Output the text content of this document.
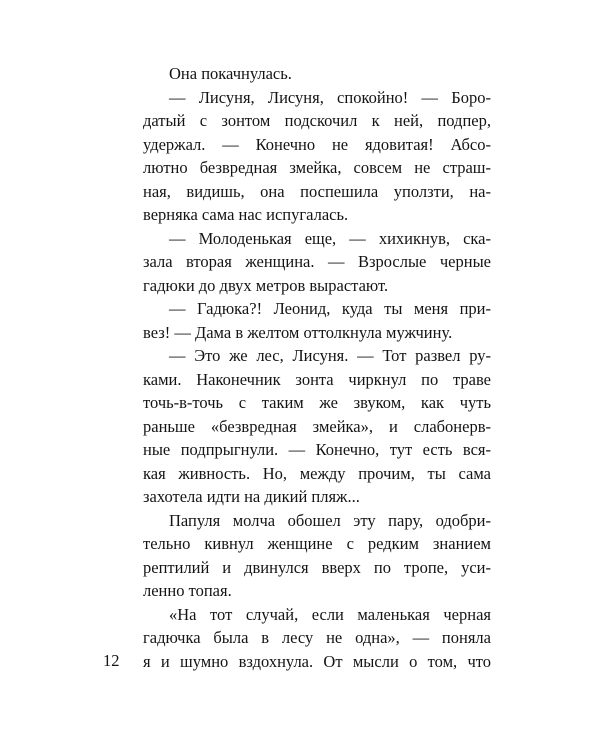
Она покачнулась.
— Лисуня, Лисуня, спокойно! — Боро-
датый с зонтом подскочил к ней, подпер,
удержал. — Конечно не ядовитая! Абсо-
лютно безвредная змейка, совсем не страш-
ная, видишь, она поспешила уползти, на-
верняка сама нас испугалась.
— Молоденькая еще, — хихикнув, ска-
зала вторая женщина. — Взрослые черные
гадюки до двух метров вырастают.
— Гадюка?! Леонид, куда ты меня при-
вез! — Дама в желтом оттолкнула мужчину.
— Это же лес, Лисуня. — Тот развел ру-
ками. Наконечник зонта чиркнул по траве
точь-в-точь с таким же звуком, как чуть
раньше «безвредная змейка», и слабонерв-
ные подпрыгнули. — Конечно, тут есть вся-
кая живность. Но, между прочим, ты сама
захотела идти на дикий пляж...
Папуля молча обошел эту пару, одобри-
тельно кивнул женщине с редким знанием
рептилий и двинулся вверх по тропе, уси-
ленно топая.
«На тот случай, если маленькая черная
гадючка была в лесу не одна», — поняла
я и шумно вздохнула. От мысли о том, что
12
